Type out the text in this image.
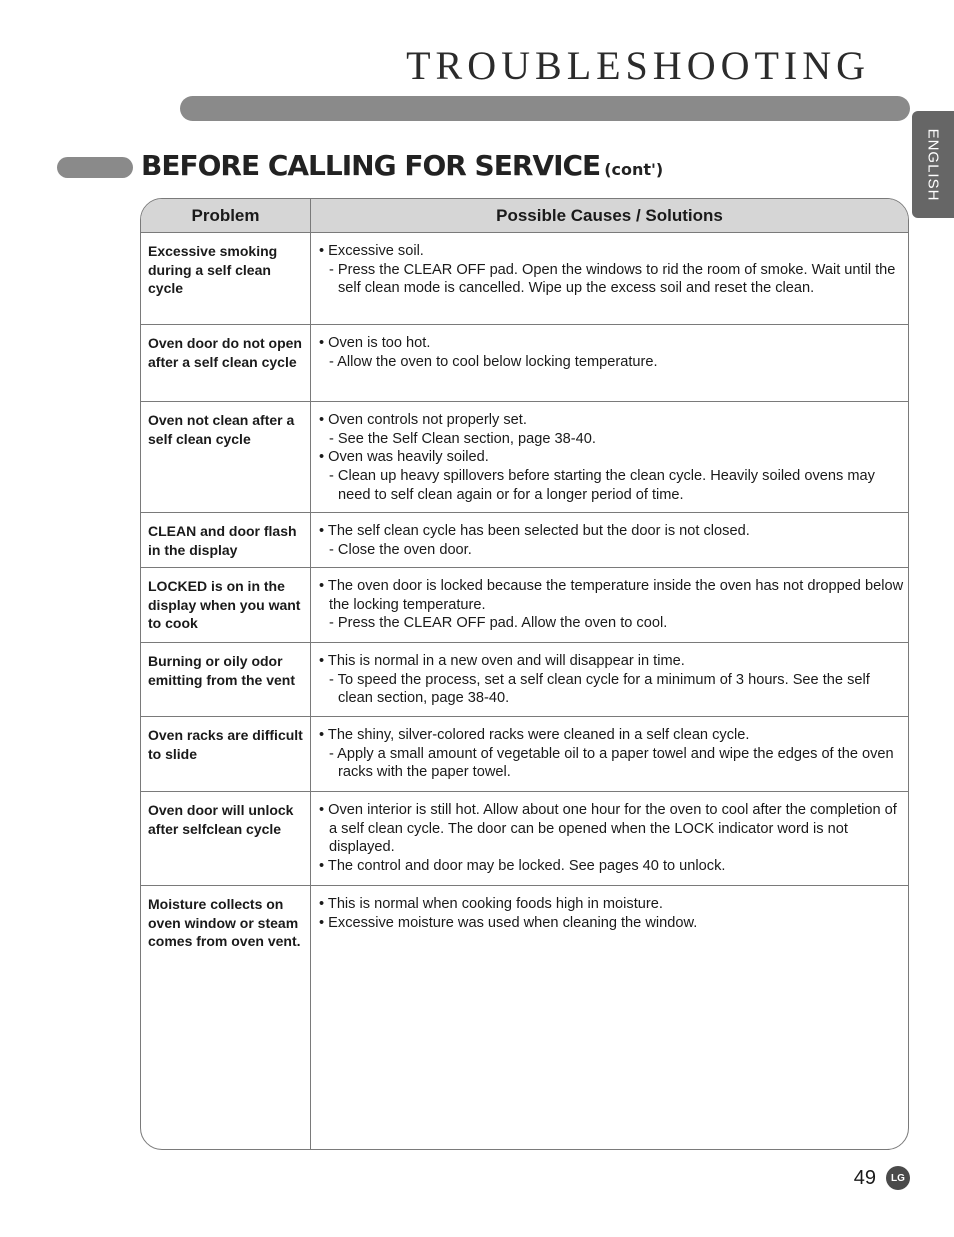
TROUBLESHOOTING
ENGLISH
BEFORE CALLING FOR SERVICE (cont')
Problem	Possible Causes / Solutions
Excessive smoking during a self clean cycle
• Excessive soil.
- Press the CLEAR OFF pad. Open the windows to rid the room of smoke. Wait until the self clean mode is cancelled. Wipe up the excess soil and reset the clean.
Oven door do not open after a self clean cycle
• Oven is too hot.
- Allow the oven to cool below locking temperature.
Oven not clean after a self clean cycle
• Oven controls not properly set.
- See the Self Clean section, page 38-40.
• Oven was heavily soiled.
- Clean up heavy spillovers before starting the clean cycle. Heavily soiled ovens may need to self clean again or for a longer period of time.
CLEAN and door flash in the display
• The self clean cycle has been selected but the door is not closed.
- Close the oven door.
LOCKED is on in the display when you want to cook
• The oven door is locked because the temperature inside the oven has not dropped below the locking temperature.
- Press the CLEAR OFF pad. Allow the oven to cool.
Burning or oily odor emitting from the vent
• This is normal in a new oven and will disappear in time.
- To speed the process, set a self clean cycle for a minimum of 3 hours. See the self clean section, page 38-40.
Oven racks are difficult to slide
• The shiny, silver-colored racks were cleaned in a self clean cycle.
- Apply a small amount of vegetable oil to a paper towel and wipe the edges of the oven racks with the paper towel.
Oven door will unlock after selfclean cycle
• Oven interior is still hot. Allow about one hour for the oven to cool after the completion of a self clean cycle. The door can be opened when the LOCK indicator word is not displayed.
• The control and door may be locked. See pages 40 to unlock.
Moisture collects on oven window or steam comes from oven vent.
• This is normal when cooking foods high in moisture.
• Excessive moisture was used when cleaning the window.
49	LG
